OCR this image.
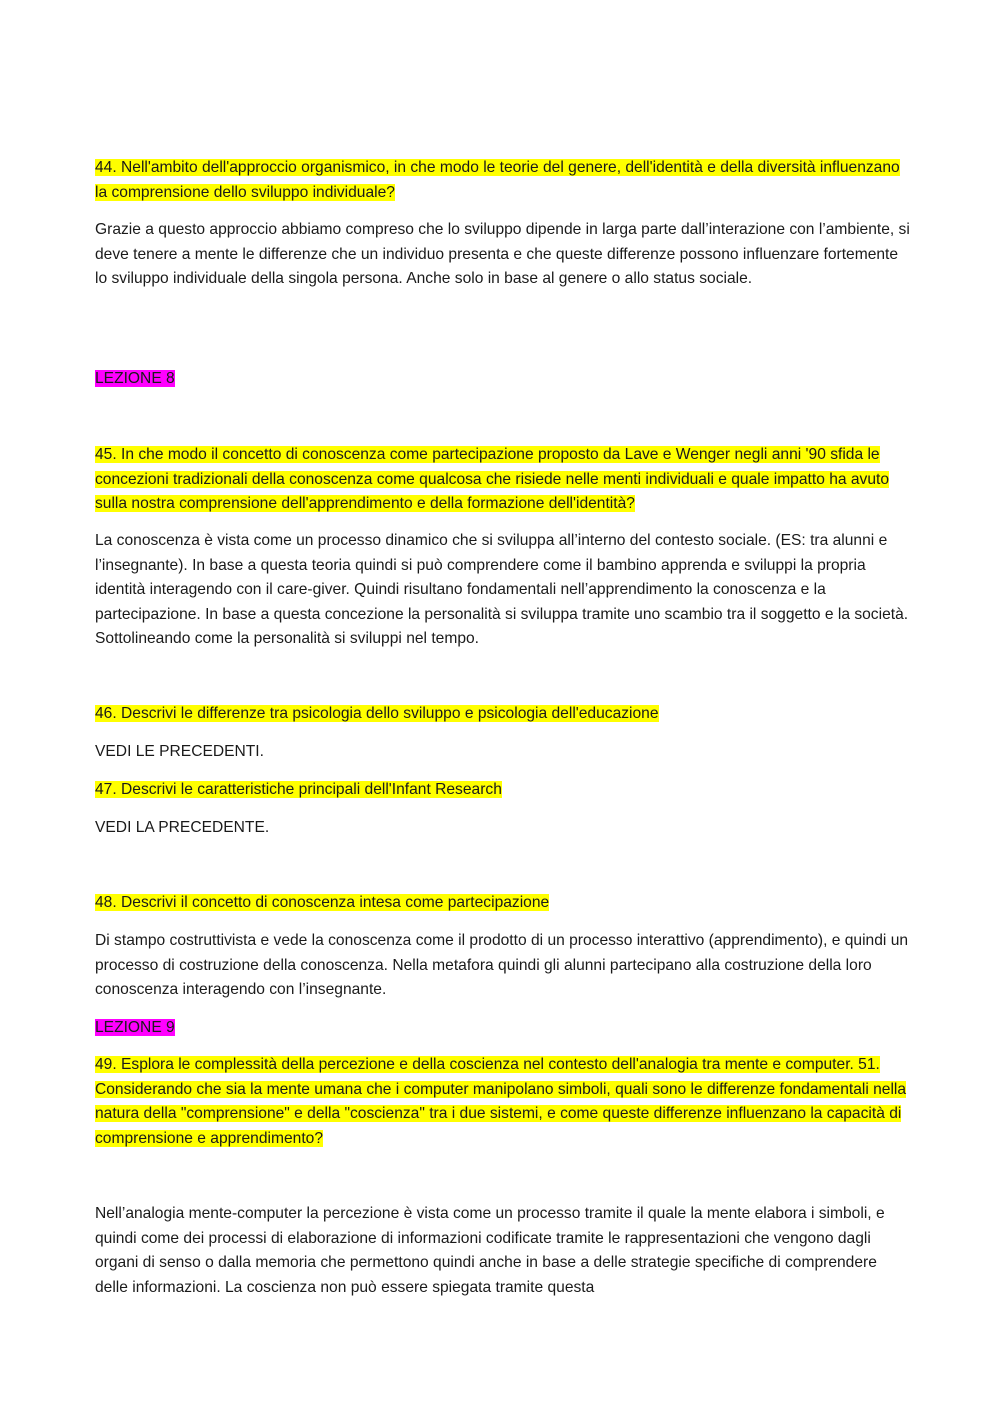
44. Nell'ambito dell'approccio organismico, in che modo le teorie del genere, dell'identità e della diversità influenzano la comprensione dello sviluppo individuale?

Grazie a questo approccio abbiamo compreso che lo sviluppo dipende in larga parte dall’interazione con l’ambiente, si deve tenere a mente le differenze che un individuo presenta e che queste differenze possono influenzare fortemente lo sviluppo individuale della singola persona. Anche solo in base al genere o allo status sociale.

LEZIONE 8

45. In che modo il concetto di conoscenza come partecipazione proposto da Lave e Wenger negli anni '90 sfida le concezioni tradizionali della conoscenza come qualcosa che risiede nelle menti individuali e quale impatto ha avuto sulla nostra comprensione dell'apprendimento e della formazione dell'identità?

La conoscenza è vista come un processo dinamico che si sviluppa all’interno del contesto sociale. (ES: tra alunni e l’insegnante). In base a questa teoria quindi si può comprendere come il bambino apprenda e sviluppi la propria identità interagendo con il care-giver. Quindi risultano fondamentali nell’apprendimento la conoscenza e la partecipazione. In base a questa concezione la personalità si sviluppa tramite uno scambio tra il soggetto e la società. Sottolineando come la personalità si sviluppi nel tempo.

46. Descrivi le differenze tra psicologia dello sviluppo e psicologia dell'educazione

VEDI LE PRECEDENTI.

47. Descrivi le caratteristiche principali dell'Infant Research

VEDI LA PRECEDENTE.

48. Descrivi il concetto di conoscenza intesa come partecipazione

Di stampo costruttivista e vede la conoscenza come il prodotto di un processo interattivo (apprendimento), e quindi un processo di costruzione della conoscenza. Nella metafora quindi gli alunni partecipano alla costruzione della loro conoscenza interagendo con l’insegnante.

LEZIONE 9

49. Esplora le complessità della percezione e della coscienza nel contesto dell'analogia tra mente e computer. 51. Considerando che sia la mente umana che i computer manipolano simboli, quali sono le differenze fondamentali nella natura della "comprensione" e della "coscienza" tra i due sistemi, e come queste differenze influenzano la capacità di comprensione e apprendimento?

Nell’analogia mente-computer la percezione è vista come un processo tramite il quale la mente elabora i simboli, e quindi come dei processi di elaborazione di informazioni codificate tramite le rappresentazioni che vengono dagli organi di senso o dalla memoria che permettono quindi anche in base a delle strategie specifiche di comprendere delle informazioni. La coscienza non può essere spiegata tramite questa
